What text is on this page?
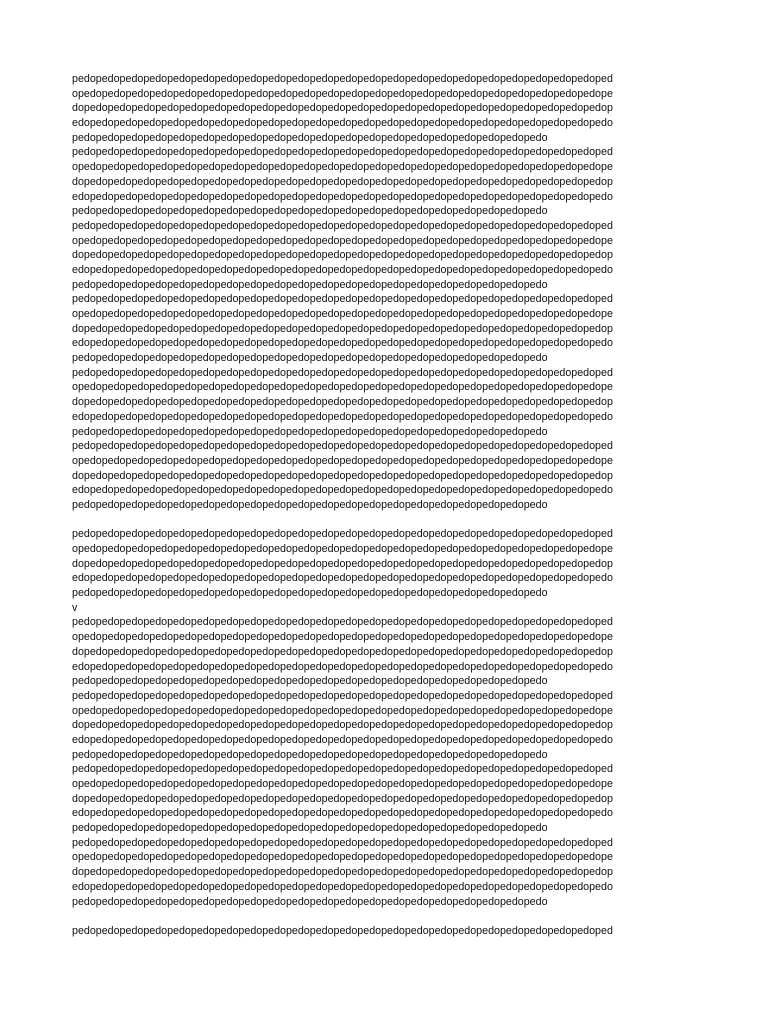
pedopedopedopedopedopedopedopedopedopedopedopedopedopedopedopedopedopedopedopedopedopedoped
opedopedopedopedopedopedopedopedopedopedopedopedopedopedopedopedopedopedopedopedopedopedope
dopedopedopedopedopedopedopedopedopedopedopedopedopedopedopedopedopedopedopedopedopedopedop
edopedopedopedopedopedopedopedopedopedopedopedopedopedopedopedopedopedopedopedopedopedopedo
pedopedopedopedopedopedopedopedopedopedopedopedopedopedopedopedopedopedopedopedo
pedopedopedopedopedopedopedopedopedopedopedopedopedopedopedopedopedopedopedopedopedopedoped
opedopedopedopedopedopedopedopedopedopedopedopedopedopedopedopedopedopedopedopedopedopedope
dopedopedopedopedopedopedopedopedopedopedopedopedopedopedopedopedopedopedopedopedopedopedop
edopedopedopedopedopedopedopedopedopedopedopedopedopedopedopedopedopedopedopedopedopedopedo
pedopedopedopedopedopedopedopedopedopedopedopedopedopedopedopedopedopedopedopedo
pedopedopedopedopedopedopedopedopedopedopedopedopedopedopedopedopedopedopedopedopedopedoped
opedopedopedopedopedopedopedopedopedopedopedopedopedopedopedopedopedopedopedopedopedopedope
dopedopedopedopedopedopedopedopedopedopedopedopedopedopedopedopedopedopedopedopedopedopedop
edopedopedopedopedopedopedopedopedopedopedopedopedopedopedopedopedopedopedopedopedopedopedo
pedopedopedopedopedopedopedopedopedopedopedopedopedopedopedopedopedopedopedopedo
pedopedopedopedopedopedopedopedopedopedopedopedopedopedopedopedopedopedopedopedopedopedoped
opedopedopedopedopedopedopedopedopedopedopedopedopedopedopedopedopedopedopedopedopedopedope
dopedopedopedopedopedopedopedopedopedopedopedopedopedopedopedopedopedopedopedopedopedopedop
edopedopedopedopedopedopedopedopedopedopedopedopedopedopedopedopedopedopedopedopedopedopedo
pedopedopedopedopedopedopedopedopedopedopedopedopedopedopedopedopedopedopedopedo
pedopedopedopedopedopedopedopedopedopedopedopedopedopedopedopedopedopedopedopedopedopedoped
opedopedopedopedopedopedopedopedopedopedopedopedopedopedopedopedopedopedopedopedopedopedope
dopedopedopedopedopedopedopedopedopedopedopedopedopedopedopedopedopedopedopedopedopedopedop
edopedopedopedopedopedopedopedopedopedopedopedopedopedopedopedopedopedopedopedopedopedopedo
pedopedopedopedopedopedopedopedopedopedopedopedopedopedopedopedopedopedopedopedo
pedopedopedopedopedopedopedopedopedopedopedopedopedopedopedopedopedopedopedopedopedopedoped
opedopedopedopedopedopedopedopedopedopedopedopedopedopedopedopedopedopedopedopedopedopedope
dopedopedopedopedopedopedopedopedopedopedopedopedopedopedopedopedopedopedopedopedopedopedop
edopedopedopedopedopedopedopedopedopedopedopedopedopedopedopedopedopedopedopedopedopedopedo
pedopedopedopedopedopedopedopedopedopedopedopedopedopedopedopedopedopedopedopedo
pedopedopedopedopedopedopedopedopedopedopedopedopedopedopedopedopedopedopedopedopedopedoped
opedopedopedopedopedopedopedopedopedopedopedopedopedopedopedopedopedopedopedopedopedopedope
dopedopedopedopedopedopedopedopedopedopedopedopedopedopedopedopedopedopedopedopedopedopedop
edopedopedopedopedopedopedopedopedopedopedopedopedopedopedopedopedopedopedopedopedopedopedo
pedopedopedopedopedopedopedopedopedopedopedopedopedopedopedopedopedopedopedopedo
v
pedopedopedopedopedopedopedopedopedopedopedopedopedopedopedopedopedopedopedopedopedopedoped
opedopedopedopedopedopedopedopedopedopedopedopedopedopedopedopedopedopedopedopedopedopedope
dopedopedopedopedopedopedopedopedopedopedopedopedopedopedopedopedopedopedopedopedopedopedop
edopedopedopedopedopedopedopedopedopedopedopedopedopedopedopedopedopedopedopedopedopedopedo
pedopedopedopedopedopedopedopedopedopedopedopedopedopedopedopedopedopedopedopedo
pedopedopedopedopedopedopedopedopedopedopedopedopedopedopedopedopedopedopedopedopedopedoped
opedopedopedopedopedopedopedopedopedopedopedopedopedopedopedopedopedopedopedopedopedopedope
dopedopedopedopedopedopedopedopedopedopedopedopedopedopedopedopedopedopedopedopedopedopedop
edopedopedopedopedopedopedopedopedopedopedopedopedopedopedopedopedopedopedopedopedopedopedo
pedopedopedopedopedopedopedopedopedopedopedopedopedopedopedopedopedopedopedopedo
pedopedopedopedopedopedopedopedopedopedopedopedopedopedopedopedopedopedopedopedopedopedoped
opedopedopedopedopedopedopedopedopedopedopedopedopedopedopedopedopedopedopedopedopedopedope
dopedopedopedopedopedopedopedopedopedopedopedopedopedopedopedopedopedopedopedopedopedopedop
edopedopedopedopedopedopedopedopedopedopedopedopedopedopedopedopedopedopedopedopedopedopedo
pedopedopedopedopedopedopedopedopedopedopedopedopedopedopedopedopedopedopedopedo
pedopedopedopedopedopedopedopedopedopedopedopedopedopedopedopedopedopedopedopedopedopedoped
opedopedopedopedopedopedopedopedopedopedopedopedopedopedopedopedopedopedopedopedopedopedope
dopedopedopedopedopedopedopedopedopedopedopedopedopedopedopedopedopedopedopedopedopedopedop
edopedopedopedopedopedopedopedopedopedopedopedopedopedopedopedopedopedopedopedopedopedopedo
pedopedopedopedopedopedopedopedopedopedopedopedopedopedopedopedopedopedopedopedo
pedopedopedopedopedopedopedopedopedopedopedopedopedopedopedopedopedopedopedopedopedopedoped
